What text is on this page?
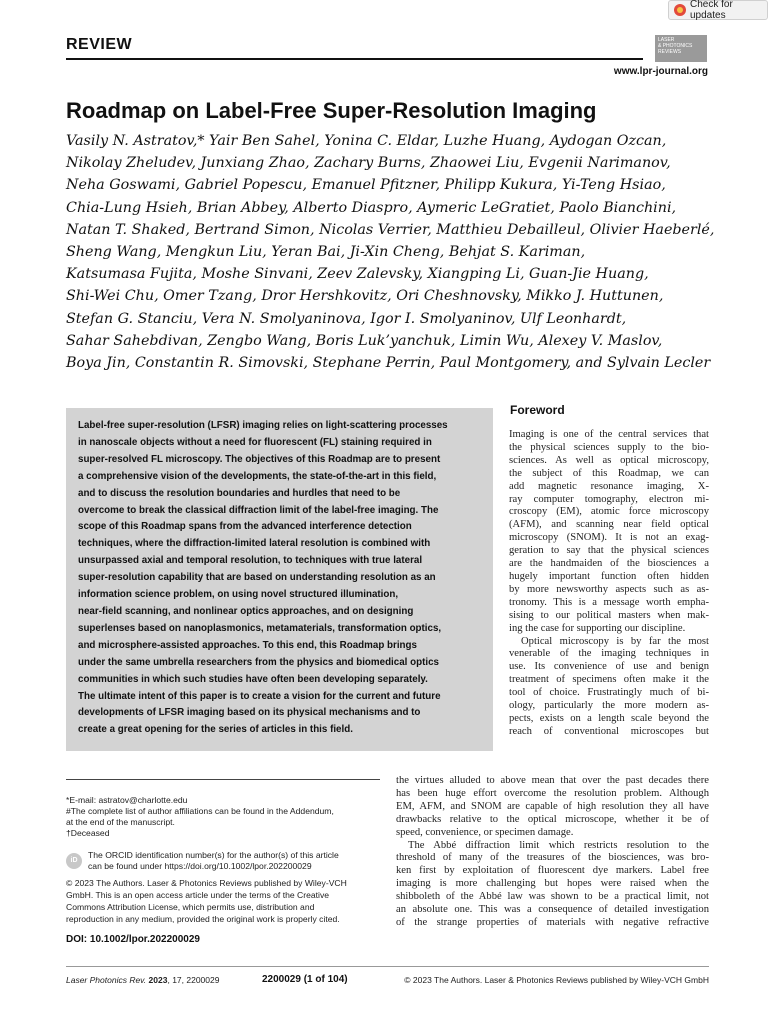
Check for updates
REVIEW	LASER
& PHOTONICS
REVIEWS
www.lpr-journal.org
Roadmap on Label-Free Super-Resolution Imaging
Vasily N. Astratov,* Yair Ben Sahel, Yonina C. Eldar, Luzhe Huang, Aydogan Ozcan,
Nikolay Zheludev, Junxiang Zhao, Zachary Burns, Zhaowei Liu, Evgenii Narimanov,
Neha Goswami, Gabriel Popescu, Emanuel Pfitzner, Philipp Kukura, Yi-Teng Hsiao,
Chia-Lung Hsieh, Brian Abbey, Alberto Diaspro, Aymeric LeGratiet, Paolo Bianchini,
Natan T. Shaked, Bertrand Simon, Nicolas Verrier, Matthieu Debailleul, Olivier Haeberlé,
Sheng Wang, Mengkun Liu, Yeran Bai, Ji-Xin Cheng, Behjat S. Kariman,
Katsumasa Fujita, Moshe Sinvani, Zeev Zalevsky, Xiangping Li, Guan-Jie Huang,
Shi-Wei Chu, Omer Tzang, Dror Hershkovitz, Ori Cheshnovsky, Mikko J. Huttunen,
Stefan G. Stanciu, Vera N. Smolyaninova, Igor I. Smolyaninov, Ulf Leonhardt,
Sahar Sahebdivan, Zengbo Wang, Boris Luk’yanchuk, Limin Wu, Alexey V. Maslov,
Boya Jin, Constantin R. Simovski, Stephane Perrin, Paul Montgomery, and Sylvain Lecler
Label-free super-resolution (LFSR) imaging relies on light-scattering processes
in nanoscale objects without a need for fluorescent (FL) staining required in
super-resolved FL microscopy. The objectives of this Roadmap are to present
a comprehensive vision of the developments, the state-of-the-art in this field,
and to discuss the resolution boundaries and hurdles that need to be
overcome to break the classical diffraction limit of the label-free imaging. The
scope of this Roadmap spans from the advanced interference detection
techniques, where the diffraction-limited lateral resolution is combined with
unsurpassed axial and temporal resolution, to techniques with true lateral
super-resolution capability that are based on understanding resolution as an
information science problem, on using novel structured illumination,
near-field scanning, and nonlinear optics approaches, and on designing
superlenses based on nanoplasmonics, metamaterials, transformation optics,
and microsphere-assisted approaches. To this end, this Roadmap brings
under the same umbrella researchers from the physics and biomedical optics
communities in which such studies have often been developing separately.
The ultimate intent of this paper is to create a vision for the current and future
developments of LFSR imaging based on its physical mechanisms and to
create a great opening for the series of articles in this field.
Foreword
Imaging is one of the central services that
the physical sciences supply to the bio-
sciences. As well as optical microscopy,
the subject of this Roadmap, we can
add magnetic resonance imaging, X-
ray computer tomography, electron mi-
croscopy (EM), atomic force microscopy
(AFM), and scanning near field optical
microscopy (SNOM). It is not an exag-
geration to say that the physical sciences
are the handmaiden of the biosciences a
hugely important function often hidden
by more newsworthy aspects such as as-
tronomy. This is a message worth empha-
sising to our political masters when mak-
ing the case for supporting our discipline.
Optical microscopy is by far the most
venerable of the imaging techniques in
use. Its convenience of use and benign
treatment of specimens often make it the
tool of choice. Frustratingly much of bi-
ology, particularly the more modern as-
pects, exists on a length scale beyond the
reach of conventional microscopes but
the virtues alluded to above mean that over the past decades there
has been huge effort overcome the resolution problem. Although
EM, AFM, and SNOM are capable of high resolution they all have
drawbacks relative to the optical microscope, whether it be of
speed, convenience, or specimen damage.
The Abbé diffraction limit which restricts resolution to the
threshold of many of the treasures of the biosciences, was bro-
ken first by exploitation of fluorescent dye markers. Label free
imaging is more challenging but hopes were raised when the
shibboleth of the Abbé law was shown to be a practical limit, not
an absolute one. This was a consequence of detailed investigation
of the strange properties of materials with negative refractive
*E-mail: astratov@charlotte.edu
#The complete list of author affiliations can be found in the Addendum,
at the end of the manuscript.
†Deceased
iD
The ORCID identification number(s) for the author(s) of this article
can be found under https://doi.org/10.1002/lpor.202200029
© 2023 The Authors. Laser & Photonics Reviews published by Wiley-VCH
GmbH. This is an open access article under the terms of the Creative
Commons Attribution License, which permits use, distribution and
reproduction in any medium, provided the original work is properly cited.
DOI: 10.1002/lpor.202200029
Laser Photonics Rev. 2023, 17, 2200029	2200029 (1 of 104)	© 2023 The Authors. Laser & Photonics Reviews published by Wiley-VCH GmbH
